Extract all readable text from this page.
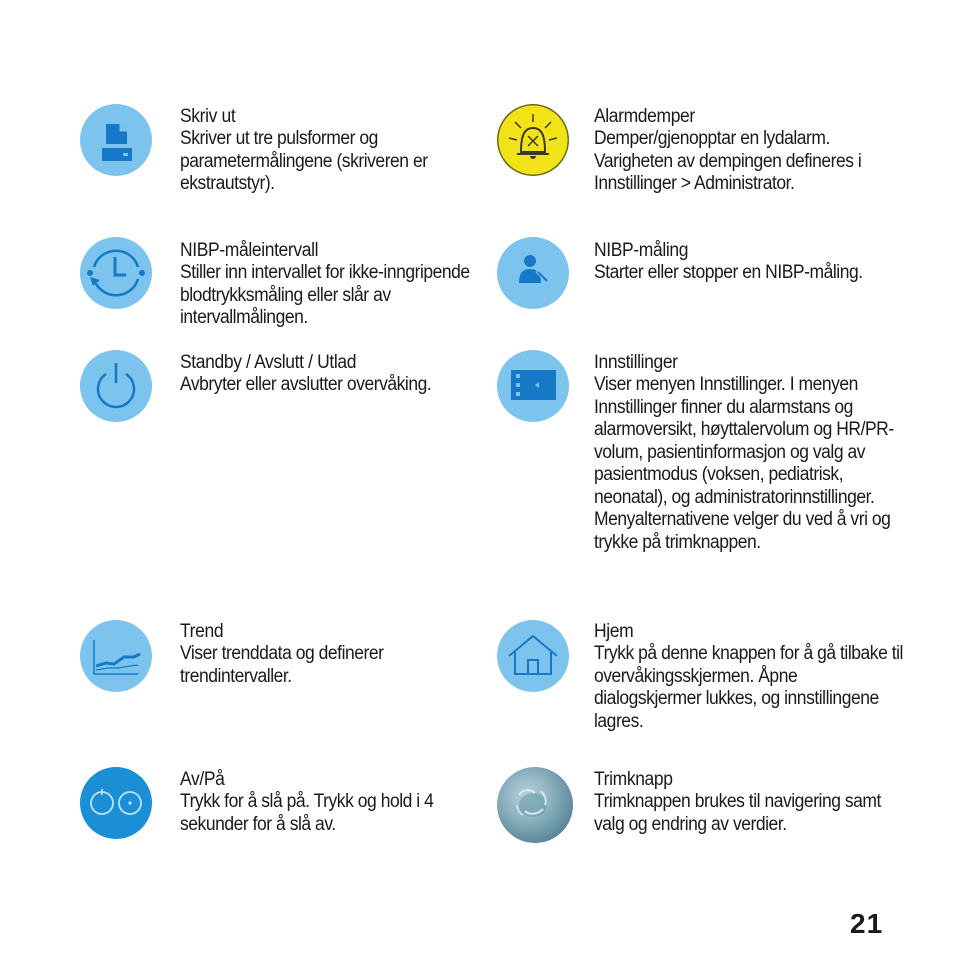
Skriv ut
Skriver ut tre pulsformer og parametermålingene (skriveren er ekstrautstyr).
NIBP-måleintervall
Stiller inn intervallet for ikke-inngripende blodtrykksmåling eller slår av intervallmålingen.
Standby / Avslutt / Utlad
Avbryter eller avslutter overvåking.
Trend
Viser trenddata og definerer trendintervaller.
Av/På
Trykk for å slå på. Trykk og hold i 4 sekunder for å slå av.
Alarmdemper
Demper/gjenopptar en lydalarm. Varigheten av dempingen defineres i Innstillinger > Administrator.
NIBP-måling
Starter eller stopper en NIBP-måling.
Innstillinger
Viser menyen Innstillinger. I menyen Innstillinger finner du alarmstans og alarmoversikt, høyttalervolum og HR/PR-volum, pasientinformasjon og valg av pasientmodus (voksen, pediatrisk, neonatal), og administratorinnstillinger. Menyalternativene velger du ved å vri og trykke på trimknappen.
Hjem
Trykk på denne knappen for å gå tilbake til overvåkingsskjermen. Åpne dialogskjermer lukkes, og innstillingene lagres.
Trimknapp
Trimknappen brukes til navigering samt valg og endring av verdier.
21
